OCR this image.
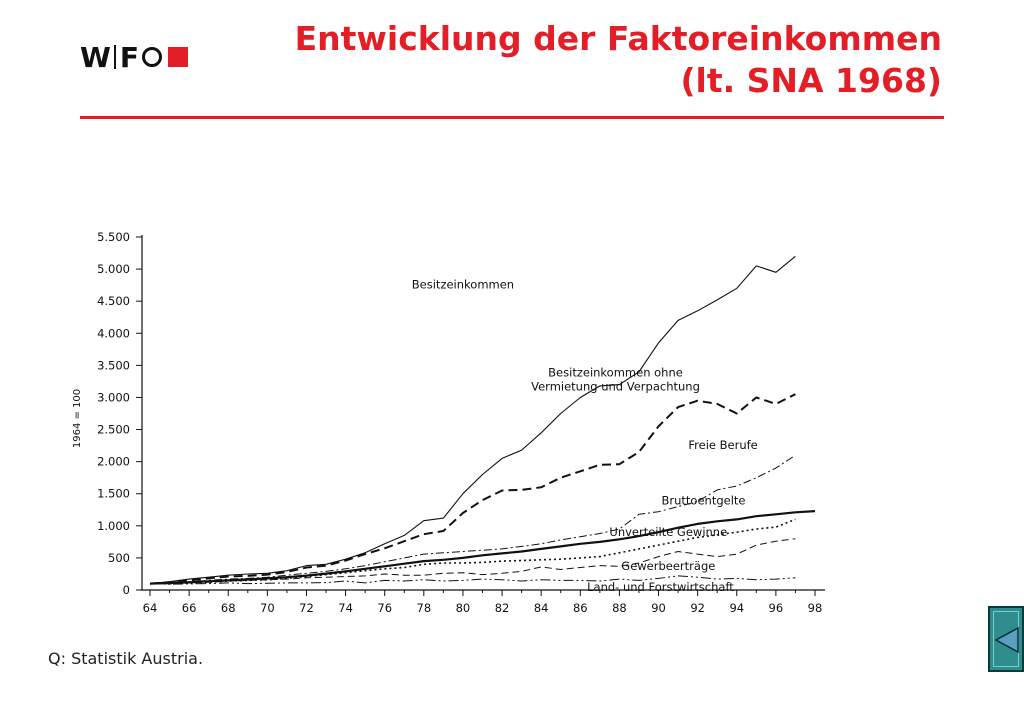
W F	Entwicklung der Faktoreinkommen
(lt. SNA 1968)
0
500
1.000
1.500
2.000
2.500
3.000
3.500
4.000
4.500
5.000
5.500
64 66 68 70 72 74 76 78 80 82 84 86 88 90 92 94 96 98
1964 = 100
Besitzeinkommen
Besitzeinkommen ohne
Vermietung und Verpachtung
Freie Berufe
Bruttoentgelte
Unverteilte Gewinne
Gewerbeerträge
Land- und Forstwirtschaft
Q: Statistik Austria.
